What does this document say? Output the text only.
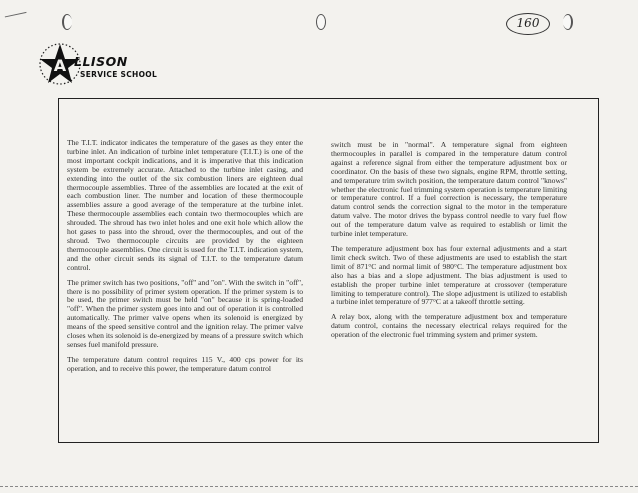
160
A LLISON
SERVICE SCHOOL

The T.I.T. indicator indicates the temperature of the gases as they enter the turbine inlet. An indication of turbine inlet temperature (T.I.T.) is one of the most important cockpit indications, and it is imperative that this indication system be extremely accurate. Attached to the turbine inlet casing, and extending into the outlet of the six combustion liners are eighteen dual thermocouple assemblies. Three of the assemblies are located at the exit of each combustion liner. The number and location of these thermocouple assemblies assure a good average of the temperature at the turbine inlet. These thermocouple assemblies each contain two thermocouples which are shrouded. The shroud has two inlet holes and one exit hole which allow the hot gases to pass into the shroud, over the thermocouples, and out of the shroud. Two thermocouple circuits are provided by the eighteen thermocouple assemblies. One circuit is used for the T.I.T. indication system, and the other circuit sends its signal of T.I.T. to the temperature datum control.

The primer switch has two positions, "off" and "on". With the switch in "off", there is no possibility of primer system operation. If the primer system is to be used, the primer switch must be held "on" because it is spring-loaded "off". When the primer system goes into and out of operation it is controlled automatically. The primer valve opens when its solenoid is energized by means of the speed sensitive control and the ignition relay. The primer valve closes when its solenoid is de-energized by means of a pressure switch which senses fuel manifold pressure.

The temperature datum control requires 115 V., 400 cps power for its operation, and to receive this power, the temperature datum control

switch must be in "normal". A temperature signal from eighteen thermocouples in parallel is compared in the temperature datum control against a reference signal from either the temperature adjustment box or coordinator. On the basis of these two signals, engine RPM, throttle setting, and temperature trim switch position, the temperature datum control "knows" whether the electronic fuel trimming system operation is temperature limiting or temperature control. If a fuel correction is necessary, the temperature datum control sends the correction signal to the motor in the temperature datum valve. The motor drives the bypass control needle to vary fuel flow out of the temperature datum valve as required to establish or limit the turbine inlet temperature.

The temperature adjustment box has four external adjustments and a start limit check switch. Two of these adjustments are used to establish the start limit of 871°C and normal limit of 980°C. The temperature adjustment box also has a bias and a slope adjustment. The bias adjustment is used to establish the proper turbine inlet temperature at crossover (temperature limiting to temperature control). The slope adjustment is utilized to establish a turbine inlet temperature of 977°C at a takeoff throttle setting.

A relay box, along with the temperature adjustment box and temperature datum control, contains the necessary electrical relays required for the operation of the electronic fuel trimming system and primer system.
